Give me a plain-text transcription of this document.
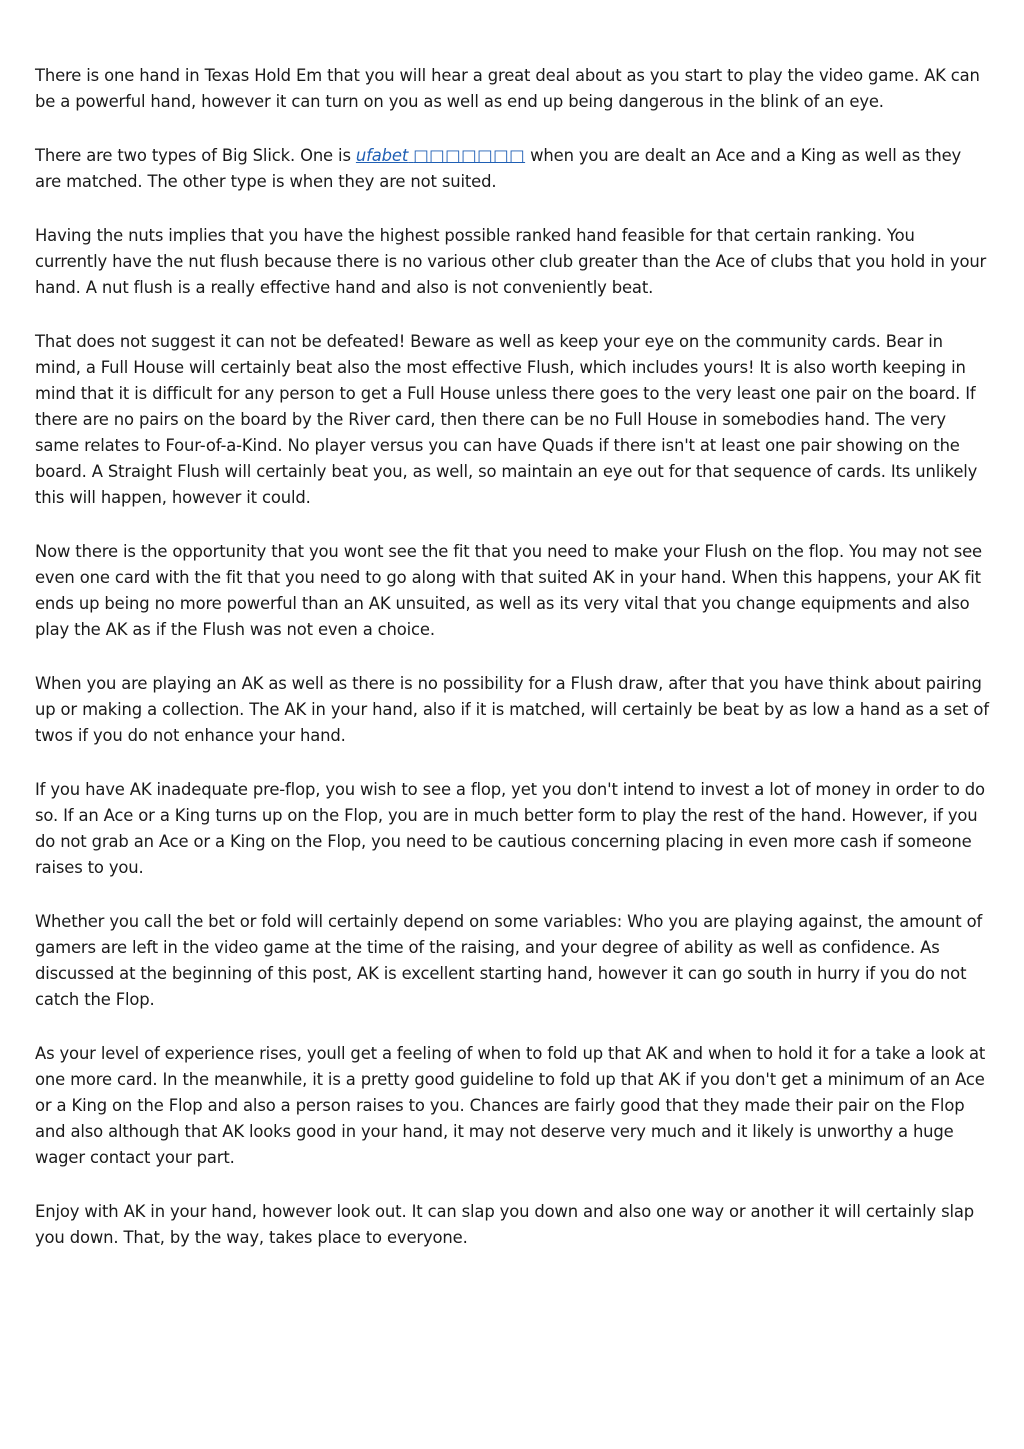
There is one hand in Texas Hold Em that you will hear a great deal about as you start to play the video game. AK can be a powerful hand, however it can turn on you as well as end up being dangerous in the blink of an eye.

There are two types of Big Slick. One is ufabet □□□□□□□ when you are dealt an Ace and a King as well as they are matched. The other type is when they are not suited.

Having the nuts implies that you have the highest possible ranked hand feasible for that certain ranking. You currently have the nut flush because there is no various other club greater than the Ace of clubs that you hold in your hand. A nut flush is a really effective hand and also is not conveniently beat.

That does not suggest it can not be defeated! Beware as well as keep your eye on the community cards. Bear in mind, a Full House will certainly beat also the most effective Flush, which includes yours! It is also worth keeping in mind that it is difficult for any person to get a Full House unless there goes to the very least one pair on the board. If there are no pairs on the board by the River card, then there can be no Full House in somebodies hand. The very same relates to Four-of-a-Kind. No player versus you can have Quads if there isn't at least one pair showing on the board. A Straight Flush will certainly beat you, as well, so maintain an eye out for that sequence of cards. Its unlikely this will happen, however it could.

Now there is the opportunity that you wont see the fit that you need to make your Flush on the flop. You may not see even one card with the fit that you need to go along with that suited AK in your hand. When this happens, your AK fit ends up being no more powerful than an AK unsuited, as well as its very vital that you change equipments and also play the AK as if the Flush was not even a choice.

When you are playing an AK as well as there is no possibility for a Flush draw, after that you have think about pairing up or making a collection. The AK in your hand, also if it is matched, will certainly be beat by as low a hand as a set of twos if you do not enhance your hand.

If you have AK inadequate pre-flop, you wish to see a flop, yet you don't intend to invest a lot of money in order to do so. If an Ace or a King turns up on the Flop, you are in much better form to play the rest of the hand. However, if you do not grab an Ace or a King on the Flop, you need to be cautious concerning placing in even more cash if someone raises to you.

Whether you call the bet or fold will certainly depend on some variables: Who you are playing against, the amount of gamers are left in the video game at the time of the raising, and your degree of ability as well as confidence. As discussed at the beginning of this post, AK is excellent starting hand, however it can go south in hurry if you do not catch the Flop.

As your level of experience rises, youll get a feeling of when to fold up that AK and when to hold it for a take a look at one more card. In the meanwhile, it is a pretty good guideline to fold up that AK if you don't get a minimum of an Ace or a King on the Flop and also a person raises to you. Chances are fairly good that they made their pair on the Flop and also although that AK looks good in your hand, it may not deserve very much and it likely is unworthy a huge wager contact your part.

Enjoy with AK in your hand, however look out. It can slap you down and also one way or another it will certainly slap you down. That, by the way, takes place to everyone.
